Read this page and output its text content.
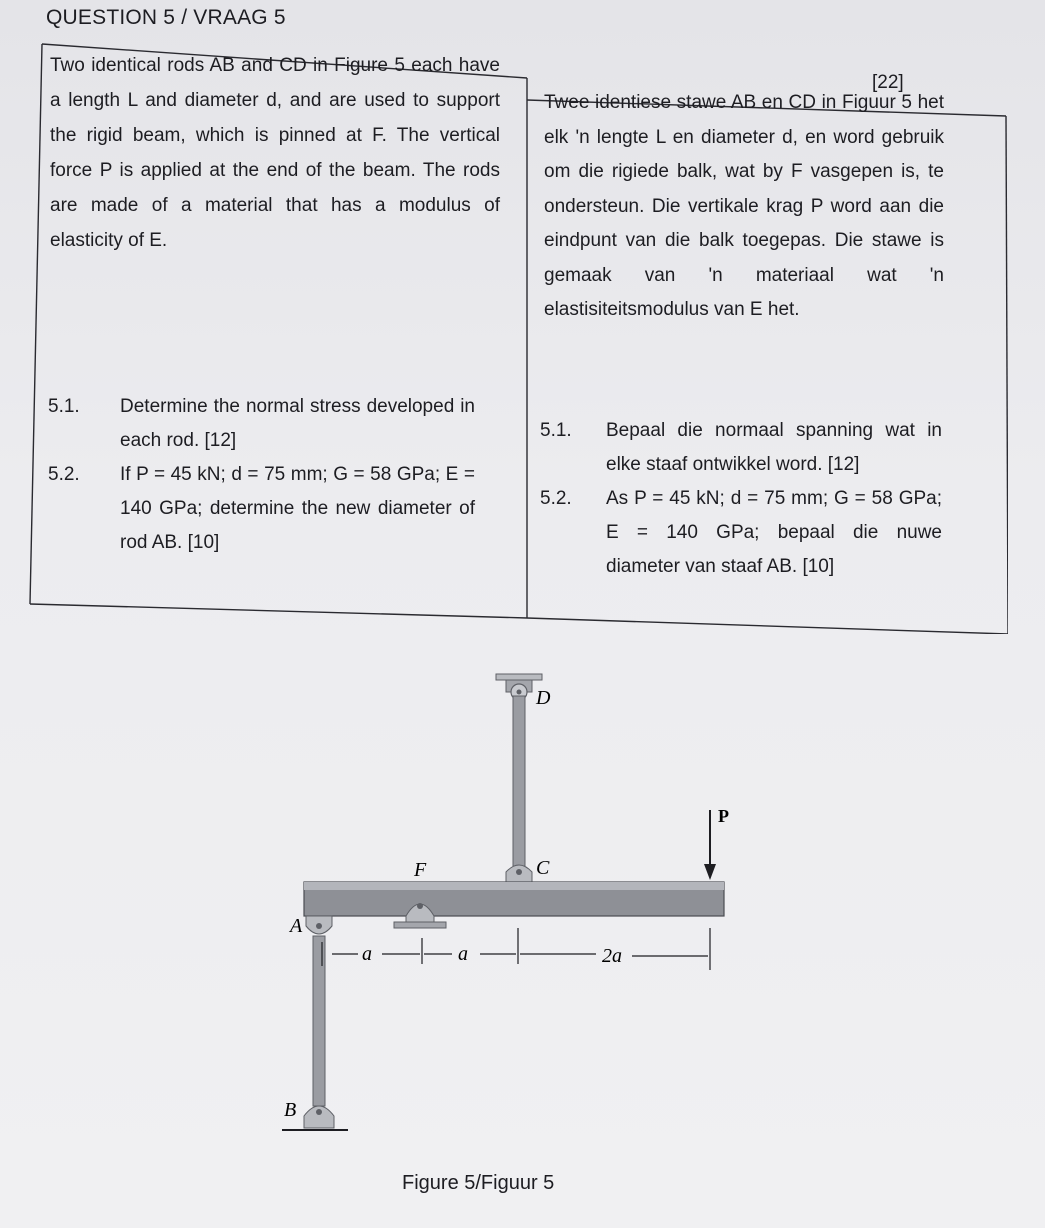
QUESTION 5 / VRAAG 5
[22]
Two identical rods AB and CD in Figure 5 each have a length L and diameter d, and are used to support the rigid beam, which is pinned at F. The vertical force P is applied at the end of the beam. The rods are made of a material that has a modulus of elasticity of E.
Twee identiese stawe AB en CD in Figuur 5 het elk 'n lengte L en diameter d, en word gebruik om die rigiede balk, wat by F vasgepen is, te ondersteun. Die vertikale krag P word aan die eindpunt van die balk toegepas. Die stawe is gemaak van 'n materiaal wat 'n elastisiteitsmodulus van E het.
5.1. Determine the normal stress developed in each rod. [12]
5.2. If P = 45 kN; d = 75 mm; G = 58 GPa; E = 140 GPa; determine the new diameter of rod AB. [10]
5.1. Bepaal die normaal spanning wat in elke staaf ontwikkel word. [12]
5.2. As P = 45 kN; d = 75 mm; G = 58 GPa; E = 140 GPa; bepaal die nuwe diameter van staaf AB. [10]
a	a	2a
D
C
F
A
B
P
Figure 5/Figuur 5
